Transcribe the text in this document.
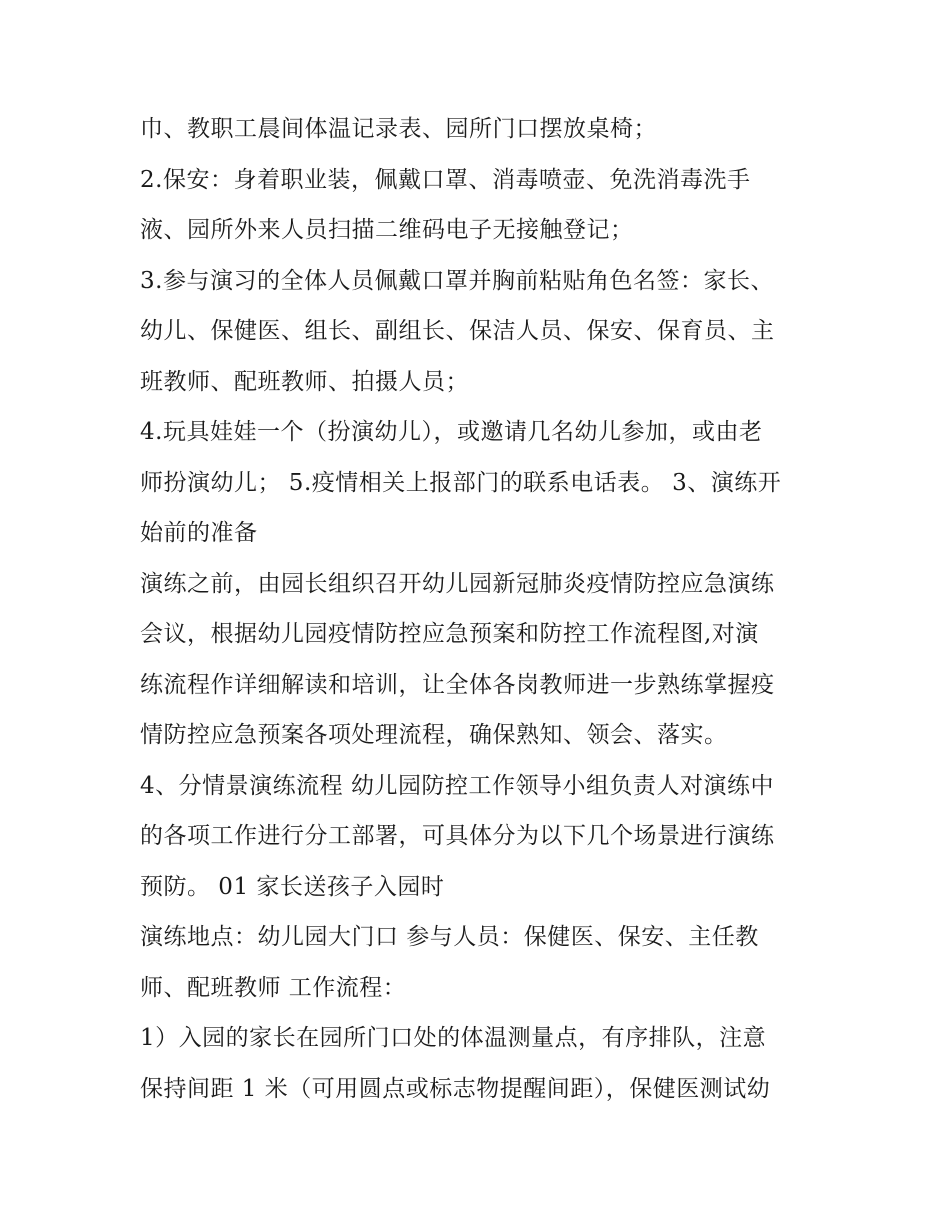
巾、教职工晨间体温记录表、园所门口摆放桌椅；
2.保安：身着职业装，佩戴口罩、消毒喷壶、免洗消毒洗手
液、园所外来人员扫描二维码电子无接触登记；
3.参与演习的全体人员佩戴口罩并胸前粘贴角色名签：家长、
幼儿、保健医、组长、副组长、保洁人员、保安、保育员、主
班教师、配班教师、拍摄人员；
4.玩具娃娃一个（扮演幼儿），或邀请几名幼儿参加，或由老
师扮演幼儿； 5.疫情相关上报部门的联系电话表。 3、演练开
始前的准备
演练之前，由园长组织召开幼儿园新冠肺炎疫情防控应急演练
会议，根据幼儿园疫情防控应急预案和防控工作流程图,对演
练流程作详细解读和培训，让全体各岗教师进一步熟练掌握疫
情防控应急预案各项处理流程，确保熟知、领会、落实。
4、分情景演练流程 幼儿园防控工作领导小组负责人对演练中
的各项工作进行分工部署，可具体分为以下几个场景进行演练
预防。 01 家长送孩子入园时
演练地点：幼儿园大门口 参与人员：保健医、保安、主任教
师、配班教师 工作流程：
1）入园的家长在园所门口处的体温测量点，有序排队，注意
保持间距 1 米（可用圆点或标志物提醒间距），保健医测试幼
